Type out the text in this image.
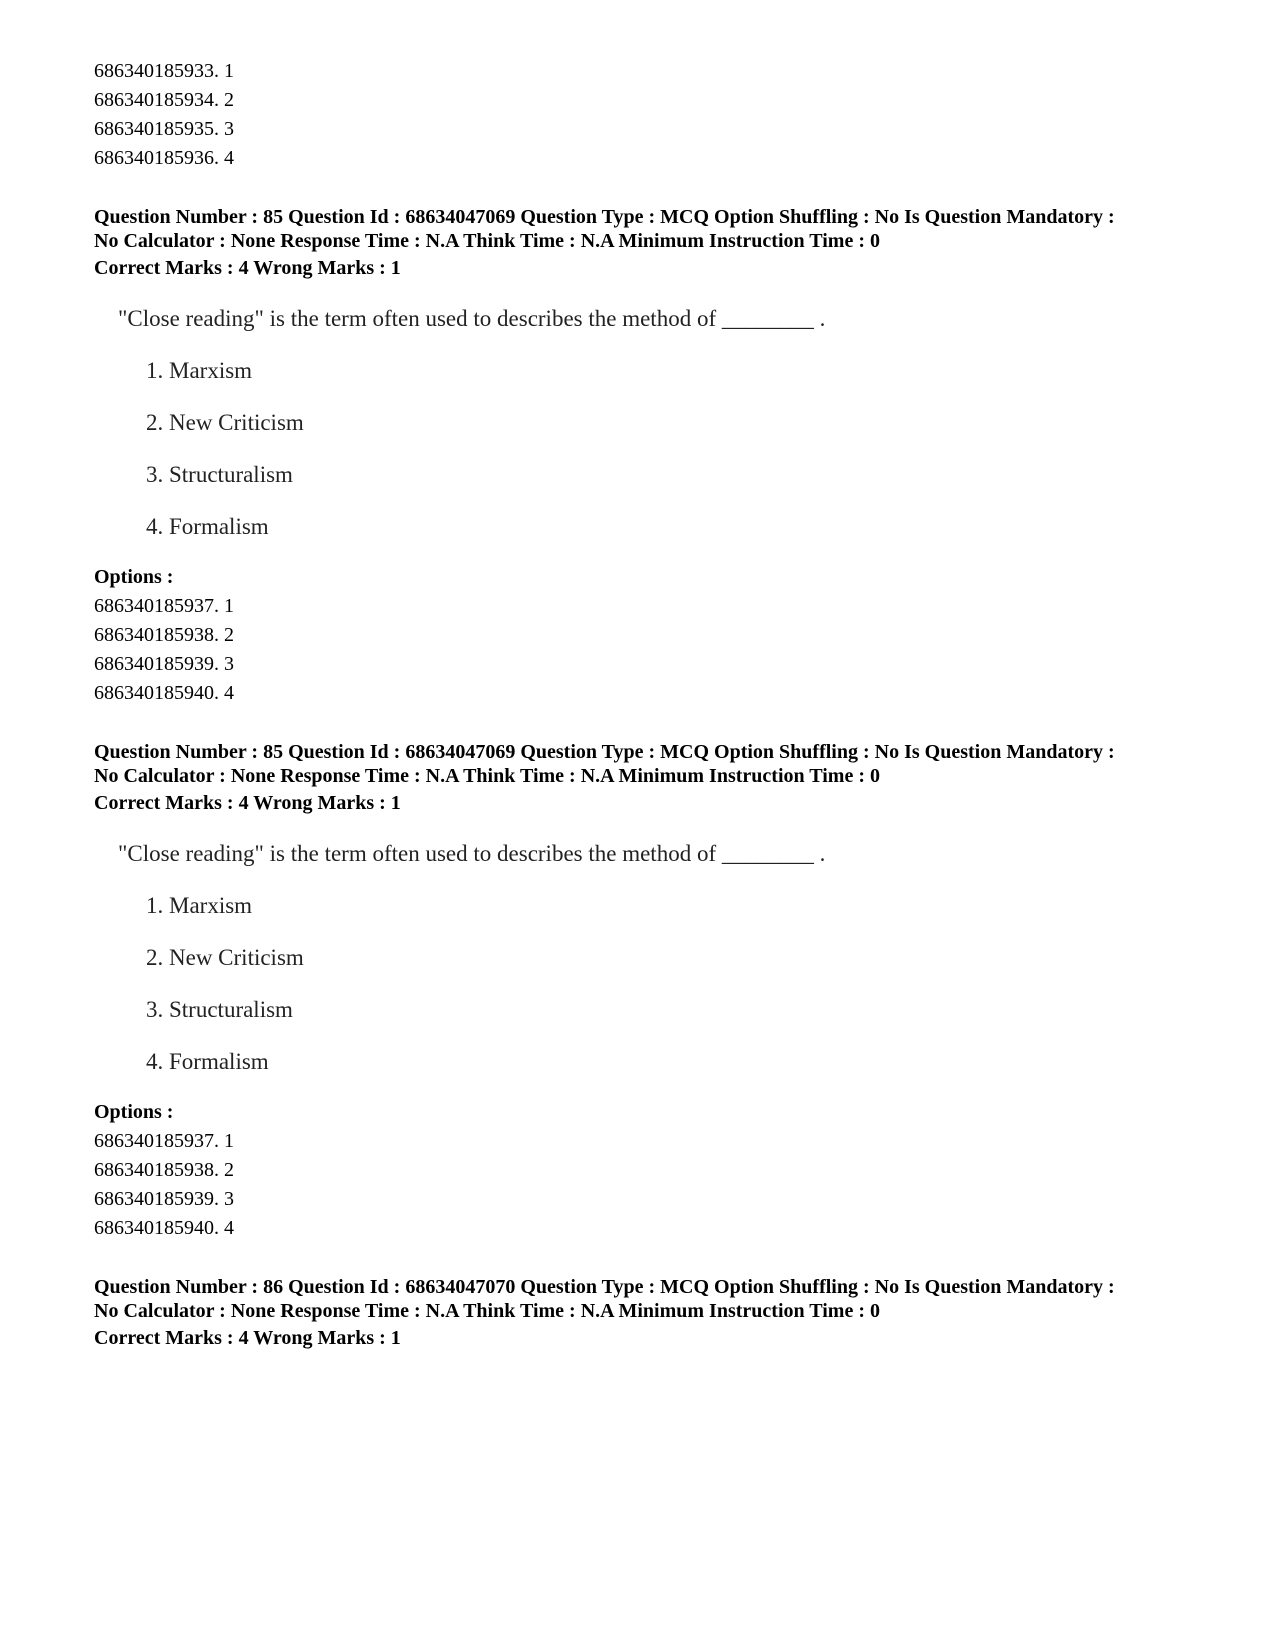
686340185933. 1
686340185934. 2
686340185935. 3
686340185936. 4
Question Number : 85 Question Id : 68634047069 Question Type : MCQ Option Shuffling : No Is Question Mandatory :
No Calculator : None Response Time : N.A Think Time : N.A Minimum Instruction Time : 0
Correct Marks : 4 Wrong Marks : 1
"Close reading" is the term often used to describes the method of ________ .
1. Marxism
2. New Criticism
3. Structuralism
4. Formalism
Options :
686340185937. 1
686340185938. 2
686340185939. 3
686340185940. 4
Question Number : 85 Question Id : 68634047069 Question Type : MCQ Option Shuffling : No Is Question Mandatory :
No Calculator : None Response Time : N.A Think Time : N.A Minimum Instruction Time : 0
Correct Marks : 4 Wrong Marks : 1
"Close reading" is the term often used to describes the method of ________ .
1. Marxism
2. New Criticism
3. Structuralism
4. Formalism
Options :
686340185937. 1
686340185938. 2
686340185939. 3
686340185940. 4
Question Number : 86 Question Id : 68634047070 Question Type : MCQ Option Shuffling : No Is Question Mandatory :
No Calculator : None Response Time : N.A Think Time : N.A Minimum Instruction Time : 0
Correct Marks : 4 Wrong Marks : 1
